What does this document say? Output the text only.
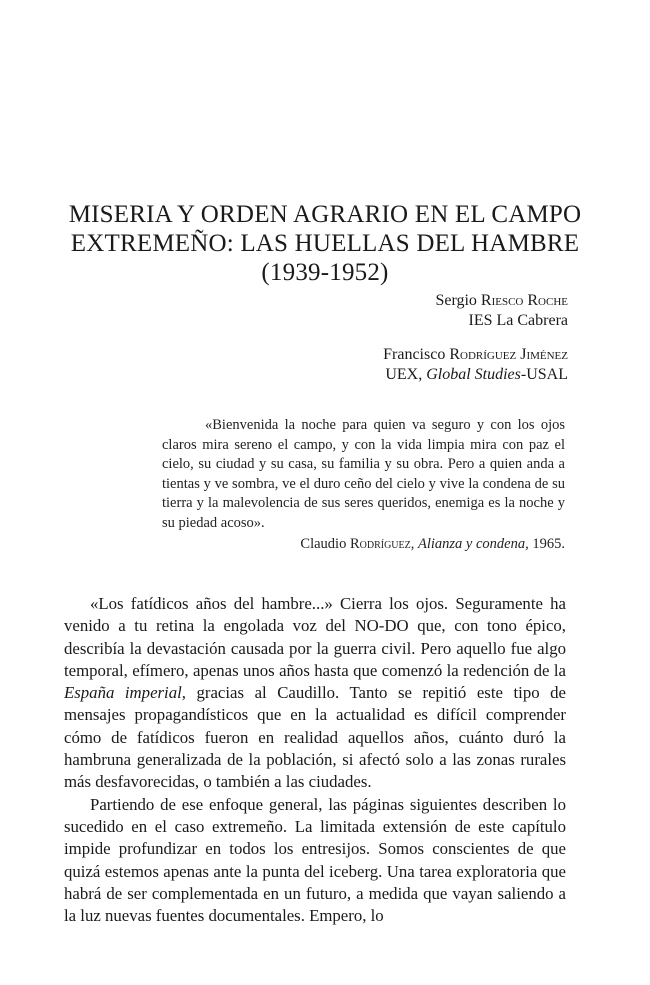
MISERIA Y ORDEN AGRARIO EN EL CAMPO
EXTREMEÑO: LAS HUELLAS DEL HAMBRE
(1939-1952)
Sergio Riesco Roche
IES La Cabrera
Francisco Rodríguez Jiménez
UEX, Global Studies-USAL

«Bienvenida la noche para quien va seguro y con los ojos claros mira sereno el campo, y con la vida limpia mira con paz el cielo, su ciudad y su casa, su familia y su obra. Pero a quien anda a tientas y ve sombra, ve el duro ceño del cielo y vive la condena de su tierra y la malevolencia de sus seres queridos, enemiga es la noche y su piedad acoso».

Claudio Rodríguez, Alianza y condena, 1965.

«Los fatídicos años del hambre...» Cierra los ojos. Seguramente ha venido a tu retina la engolada voz del NO-DO que, con tono épico, describía la devastación causada por la guerra civil. Pero aquello fue algo temporal, efímero, apenas unos años hasta que comenzó la redención de la España imperial, gracias al Caudillo. Tanto se repitió este tipo de mensajes propagandísticos que en la actualidad es difícil comprender cómo de fatídicos fueron en realidad aquellos años, cuánto duró la hambruna generalizada de la población, si afectó solo a las zonas rurales más desfavorecidas, o también a las ciudades.

Partiendo de ese enfoque general, las páginas siguientes describen lo sucedido en el caso extremeño. La limitada extensión de este capítulo impide profundizar en todos los entresijos. Somos conscientes de que quizá estemos apenas ante la punta del iceberg. Una tarea exploratoria que habrá de ser complementada en un futuro, a medida que vayan saliendo a la luz nuevas fuentes documentales. Empero, lo
